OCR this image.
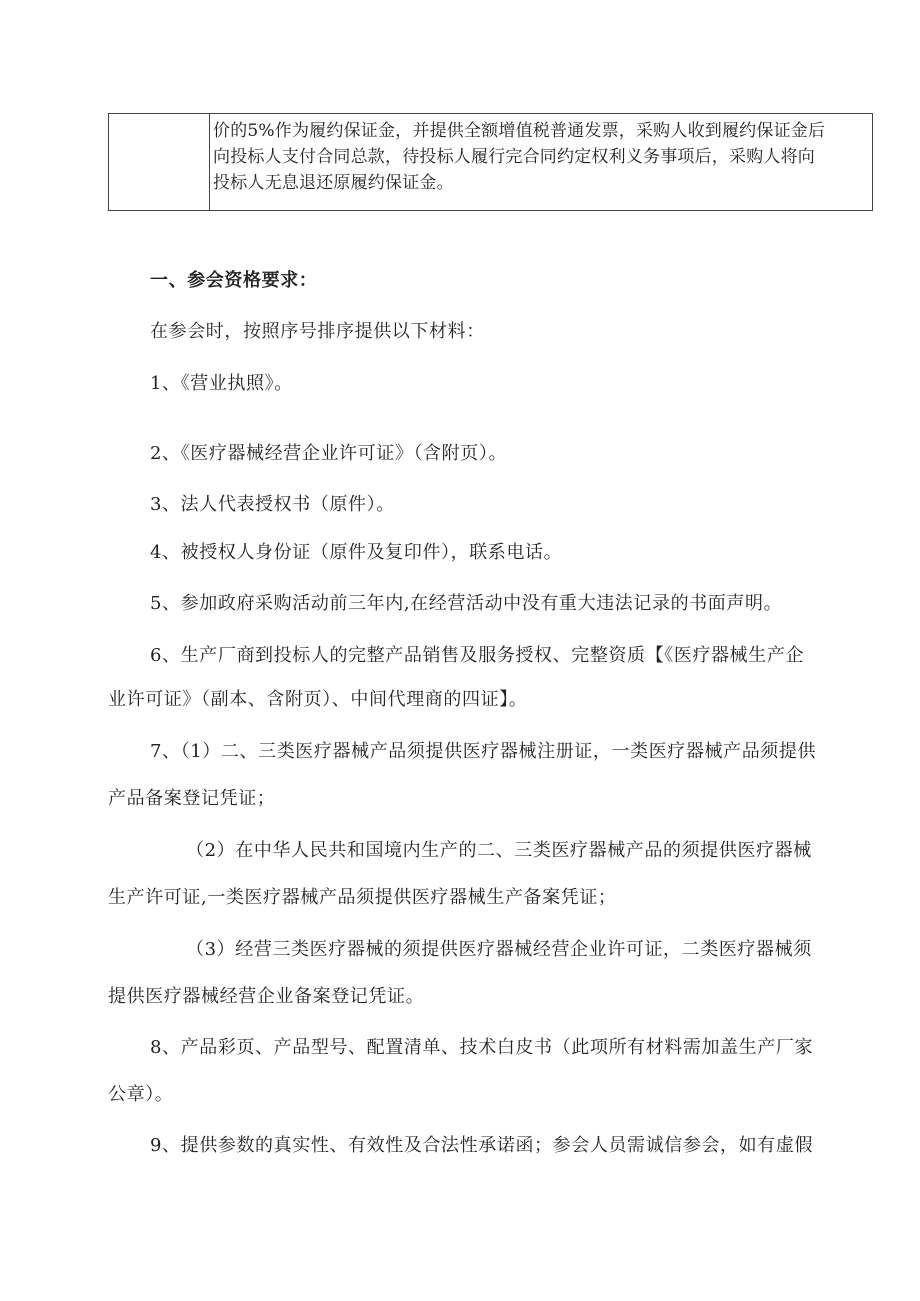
价的5%作为履约保证金，并提供全额增值税普通发票，采购人收到履约保证金后
向投标人支付合同总款，待投标人履行完合同约定权利义务事项后，采购人将向
投标人无息退还原履约保证金。
一、参会资格要求：
在参会时，按照序号排序提供以下材料：
1、《营业执照》。
2、《医疗器械经营企业许可证》（含附页）。
3、法人代表授权书（原件）。
4、被授权人身份证（原件及复印件），联系电话。
5、参加政府采购活动前三年内,在经营活动中没有重大违法记录的书面声明。
6、生产厂商到投标人的完整产品销售及服务授权、完整资质【《医疗器械生产企
业许可证》（副本、含附页）、中间代理商的四证】。
7、（1）二、三类医疗器械产品须提供医疗器械注册证，一类医疗器械产品须提供
产品备案登记凭证；
（2）在中华人民共和国境内生产的二、三类医疗器械产品的须提供医疗器械
生产许可证,一类医疗器械产品须提供医疗器械生产备案凭证；
（3）经营三类医疗器械的须提供医疗器械经营企业许可证，二类医疗器械须
提供医疗器械经营企业备案登记凭证。
8、产品彩页、产品型号、配置清单、技术白皮书（此项所有材料需加盖生产厂家
公章）。
9、提供参数的真实性、有效性及合法性承诺函；参会人员需诚信参会，如有虚假
